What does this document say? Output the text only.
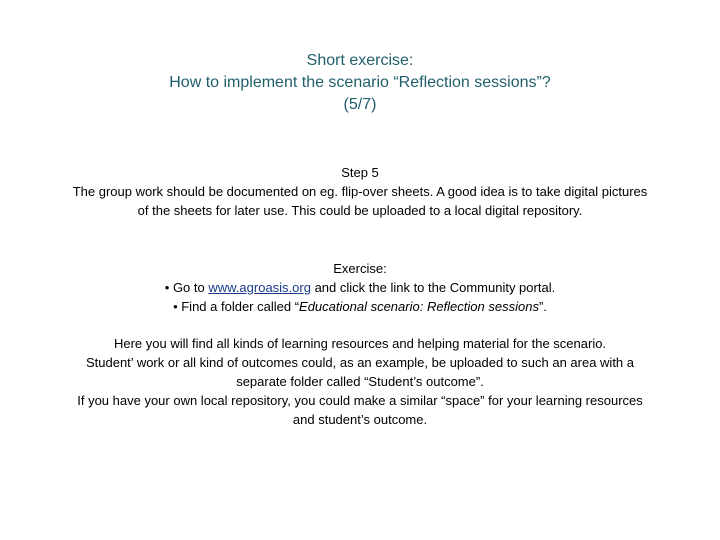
Short exercise:
How to implement the scenario “Reflection sessions”?
(5/7)
Step 5
The group work should be documented on eg. flip-over sheets. A good idea is to take digital pictures
of the sheets for later use. This could be uploaded to a local digital repository.
Exercise:
• Go to www.agroasis.org and click the link to the Community portal.
• Find a folder called “Educational scenario: Reflection sessions”.
Here you will find all kinds of learning resources and helping material for the scenario.
Student’ work or all kind of outcomes could, as an example, be uploaded to such an area with a
separate folder called “Student’s outcome”.
If you have your own local repository, you could make a similar “space” for your learning resources
and student’s outcome.
